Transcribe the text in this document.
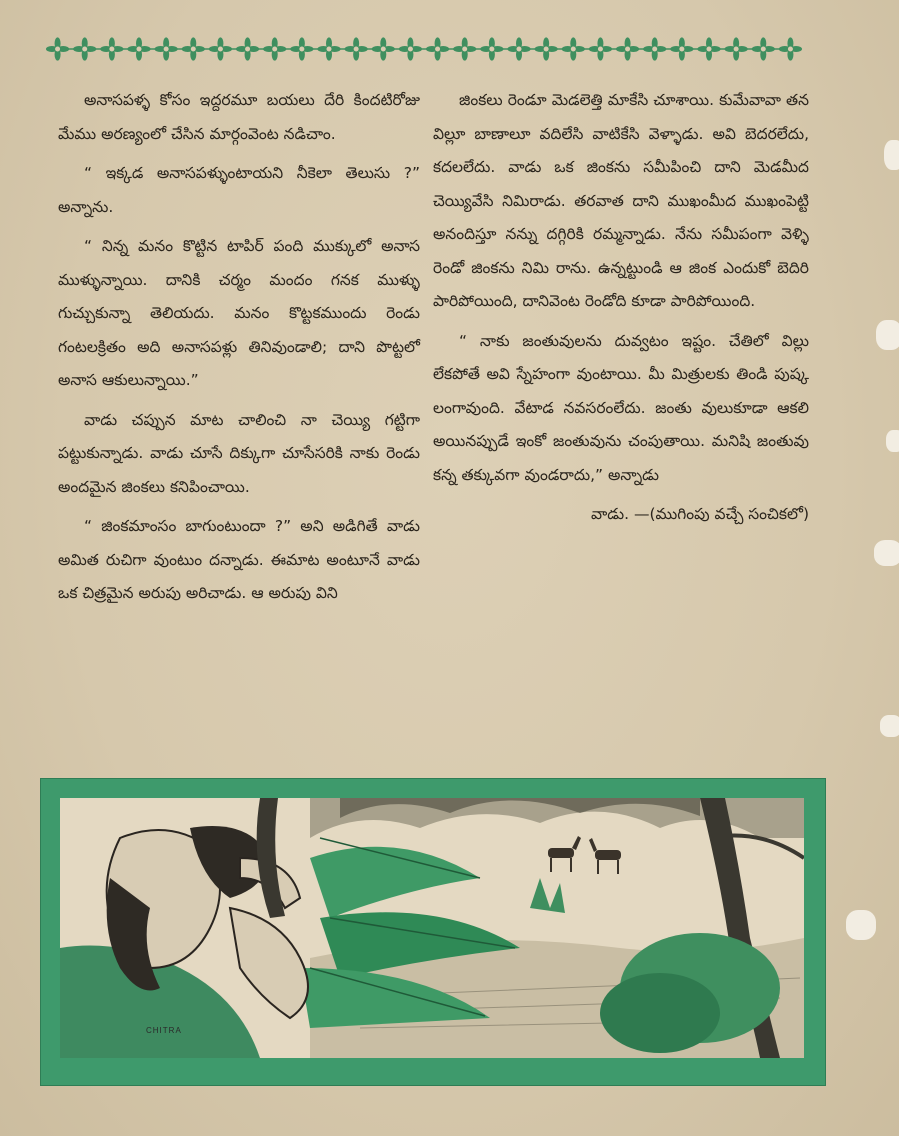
అనాసపళ్ళ కోసం ఇద్దరమూ బయలు దేరి కిందటిరోజు మేము అరణ్యంలో చేసిన మార్గంవెంట నడిచాం.

“ ఇక్కడ అనాసపళ్ళుంటాయని నీకెలా తెలుసు ?” అన్నాను.

“ నిన్న మనం కొట్టిన టాపిర్ పంది ముక్కులో అనాస ముళ్ళున్నాయి. దానికి చర్మం మందం గనక ముళ్ళు గుచ్చుకున్నా తెలియదు. మనం కొట్టకముందు రెండు గంటలక్రితం అది అనాసపళ్లు తినివుండాలి; దాని పొట్టలో అనాస ఆకులున్నాయి.”

వాడు చప్పున మాట చాలించి నా చెయ్యి గట్టిగా పట్టుకున్నాడు. వాడు చూసే దిక్కుగా చూసేసరికి నాకు రెండు అందమైన జింకలు కనిపించాయి.

“ జింకమాంసం బాగుంటుందా ?” అని అడిగితే వాడు అమిత రుచిగా వుంటుం దన్నాడు. ఈమాట అంటూనే వాడు ఒక చిత్రమైన అరుపు అరిచాడు. ఆ అరుపు విని

జింకలు రెండూ మెడలెత్తి మాకేసి చూశాయి. కుమేవావా తన విల్లూ బాణాలూ వదిలేసి వాటికేసి వెళ్ళాడు. అవి బెదరలేదు, కదలలేదు. వాడు ఒక జింకను సమీపించి దాని మెడమీద చెయ్యివేసి నిమిరాడు. తరవాత దాని ముఖంమీద ముఖంపెట్టి అనందిస్తూ నన్ను దగ్గిరికి రమ్మన్నాడు. నేను సమీపంగా వెళ్ళి రెండో జింకను నిమి రాను. ఉన్నట్టుండి ఆ జింక ఎందుకో బెదిరి పారిపోయింది, దానివెంట రెండోది కూడా పారిపోయింది.

“ నాకు జంతువులను దువ్వటం ఇష్టం. చేతిలో విల్లు లేకపోతే అవి స్నేహంగా వుంటాయి. మీ మిత్రులకు తిండి పుష్క లంగావుంది. వేటాడ నవసరంలేదు. జంతు వులుకూడా ఆకలి అయినప్పుడే ఇంకో జంతువును చంపుతాయి. మనిషి జంతువు కన్న తక్కువగా వుండరాదు,” అన్నాడు

వాడు. —(ముగింపు వచ్చే సంచికలో)

CHITRA
